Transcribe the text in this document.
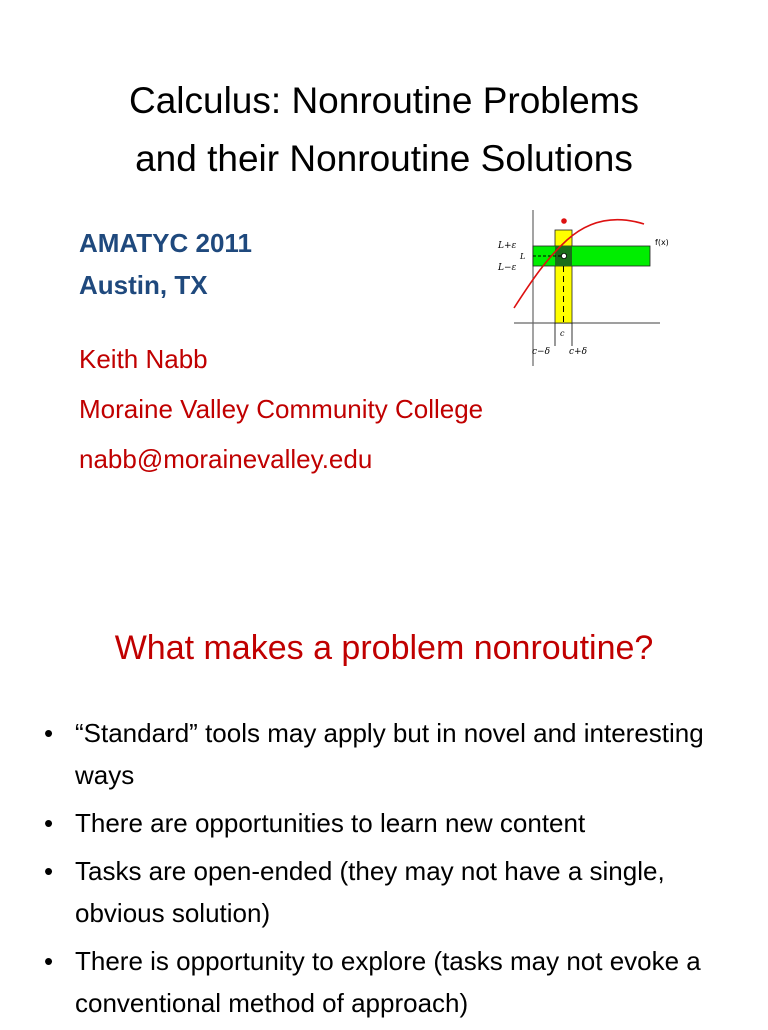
Calculus: Nonroutine Problems
and their Nonroutine Solutions
AMATYC 2011
Austin, TX
L+ε
L
L−ε
f(x)
c
c−δ c+δ
Keith Nabb
Moraine Valley Community College
nabb@morainevalley.edu
What makes a problem nonroutine?
• “Standard” tools may apply but in novel and interesting ways
• There are opportunities to learn new content
• Tasks are open-ended (they may not have a single, obvious solution)
• There is opportunity to explore (tasks may not evoke a conventional method of approach)
